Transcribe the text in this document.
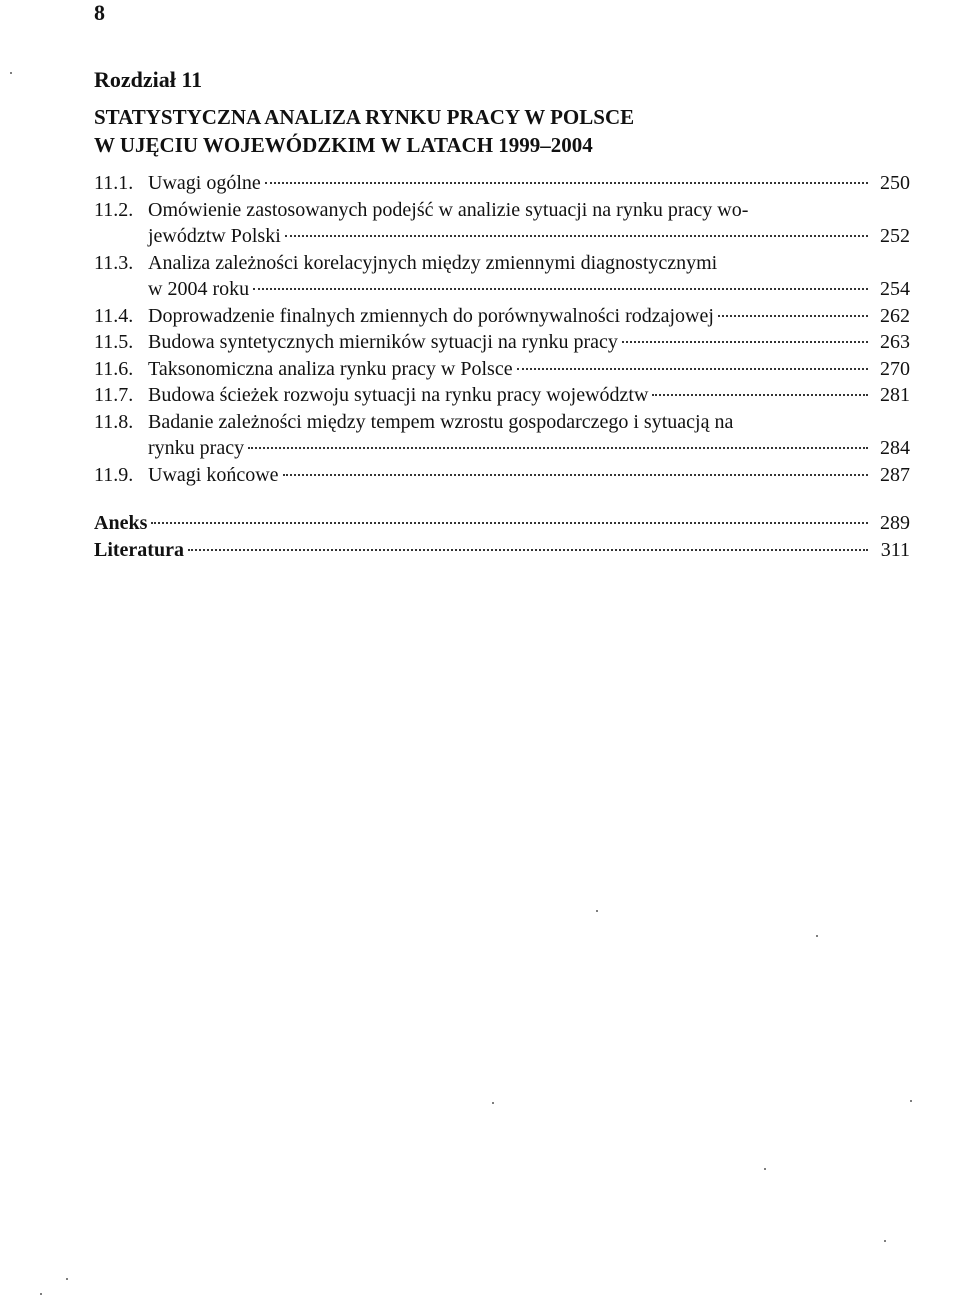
8
Rozdział 11
STATYSTYCZNA ANALIZA RYNKU PRACY W POLSCE
W UJĘCIU WOJEWÓDZKIM W LATACH 1999–2004
11.1. Uwagi ogólne	250
11.2. Omówienie zastosowanych podejść w analizie sytuacji na rynku pracy wo-
jewództw Polski	252
11.3. Analiza zależności korelacyjnych między zmiennymi diagnostycznymi
w 2004 roku	254
11.4. Doprowadzenie finalnych zmiennych do porównywalności rodzajowej	262
11.5. Budowa syntetycznych mierników sytuacji na rynku pracy	263
11.6. Taksonomiczna analiza rynku pracy w Polsce	270
11.7. Budowa ścieżek rozwoju sytuacji na rynku pracy województw	281
11.8. Badanie zależności między tempem wzrostu gospodarczego i sytuacją na
rynku pracy	284
11.9. Uwagi końcowe	287
Aneks	289
Literatura	311
